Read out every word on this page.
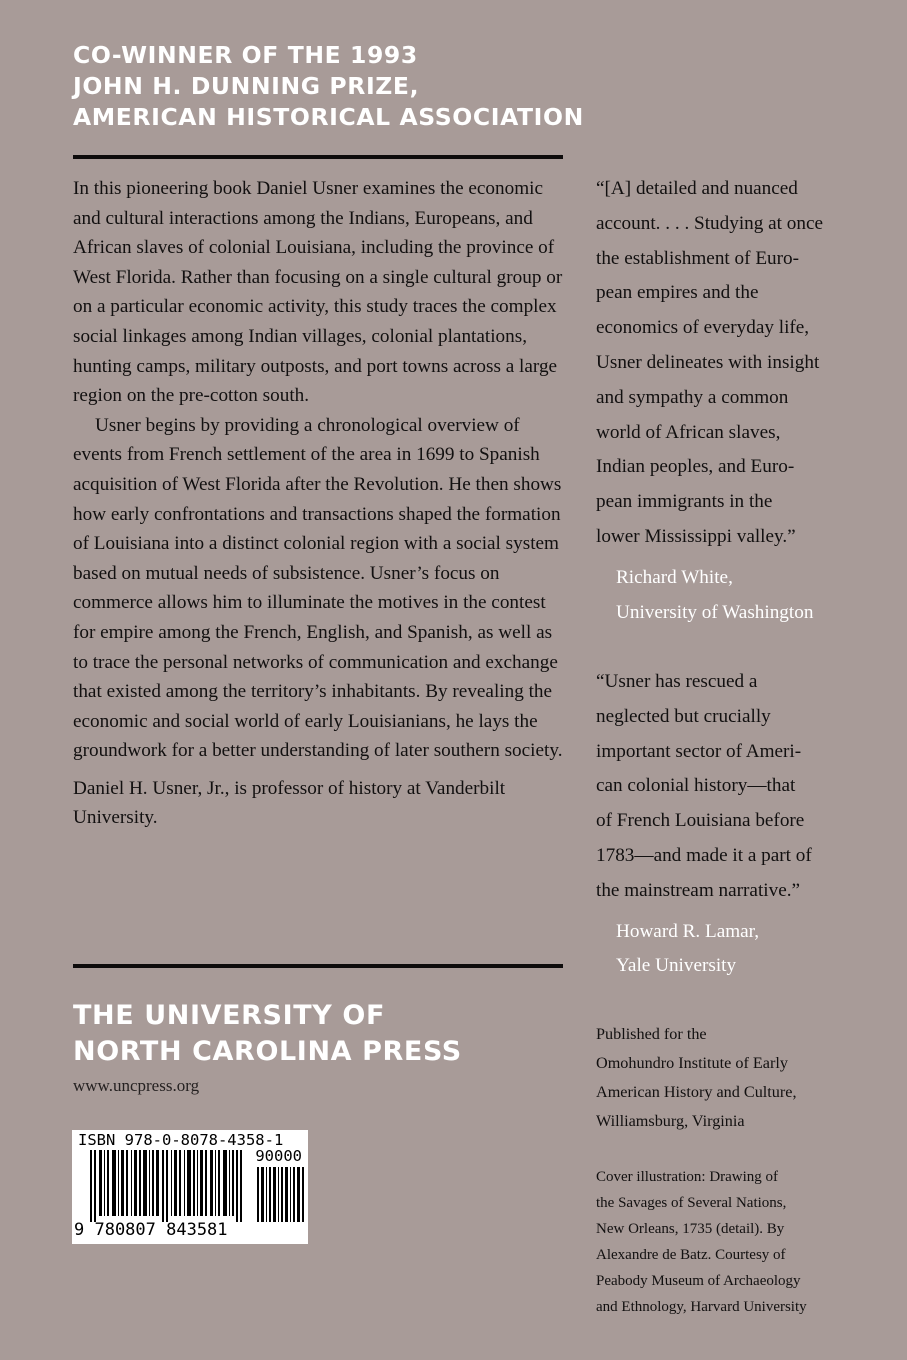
CO-WINNER OF THE 1993
JOHN H. DUNNING PRIZE,
AMERICAN HISTORICAL ASSOCIATION

In this pioneering book Daniel Usner examines the economic and cultural interactions among the Indians, Europeans, and African slaves of colonial Louisiana, including the province of West Florida. Rather than focusing on a single cultural group or on a particular economic activity, this study traces the complex social linkages among Indian villages, colonial plantations, hunting camps, military outposts, and port towns across a large region on the pre-cotton south.

Usner begins by providing a chronological overview of events from French settlement of the area in 1699 to Spanish acquisition of West Florida after the Revolution. He then shows how early confrontations and transactions shaped the formation of Louisiana into a distinct colonial region with a social system based on mutual needs of subsistence. Usner’s focus on commerce allows him to illuminate the motives in the contest for empire among the French, English, and Spanish, as well as to trace the personal networks of communication and exchange that existed among the territory’s inhabitants. By revealing the economic and social world of early Louisianians, he lays the groundwork for a better understanding of later southern society.

Daniel H. Usner, Jr., is professor of history at Vanderbilt University.

THE UNIVERSITY OF
NORTH CAROLINA PRESS
www.uncpress.org
ISBN 978-0-8078-4358-1
90000
9 780807 843581
“[A] detailed and nuanced
account. . . . Studying at once
the establishment of Euro-
pean empires and the
economics of everyday life,
Usner delineates with insight
and sympathy a common
world of African slaves,
Indian peoples, and Euro-
pean immigrants in the
lower Mississippi valley.”
Richard White,
University of Washington
“Usner has rescued a
neglected but crucially
important sector of Ameri-
can colonial history—that
of French Louisiana before
1783—and made it a part of
the mainstream narrative.”
Howard R. Lamar,
Yale University
Published for the
Omohundro Institute of Early
American History and Culture,
Williamsburg, Virginia
Cover illustration: Drawing of
the Savages of Several Nations,
New Orleans, 1735 (detail). By
Alexandre de Batz. Courtesy of
Peabody Museum of Archaeology
and Ethnology, Harvard University
